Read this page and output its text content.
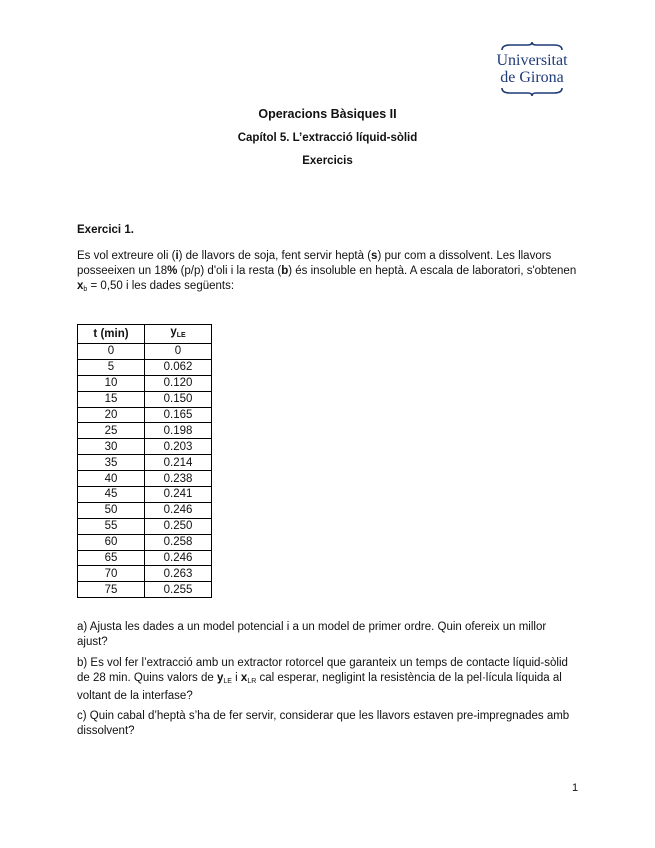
Universitat
de Girona
Operacions Bàsiques II
Capítol 5. L’extracció líquid-sòlid
Exercicis
Exercici 1.
Es vol extreure oli (i) de llavors de soja, fent servir heptà (s) pur com a dissolvent. Les llavors posseeixen un 18% (p/p) d'oli i la resta (b) és insoluble en heptà. A escala de laboratori, s'obtenen $x_b = 0,50$ i les dades següents:
t (min)	$y_{LE}$
0	0
5	0.062
10	0.120
15	0.150
20	0.165
25	0.198
30	0.203
35	0.214
40	0.238
45	0.241
50	0.246
55	0.250
60	0.258
65	0.246
70	0.263
75	0.255
a) Ajusta les dades a un model potencial i a un model de primer ordre. Quin ofereix un millor ajust?
b) Es vol fer l’extracció amb un extractor rotorcel que garanteix un temps de contacte líquid-sòlid de 28 min. Quins valors de $y_{LE}$ i $x_{LR}$ cal esperar, negligint la resistència de la pel·lícula líquida al voltant de la interfase?
c) Quin cabal d’heptà s’ha de fer servir, considerar que les llavors estaven pre-impregnades amb dissolvent?
1
